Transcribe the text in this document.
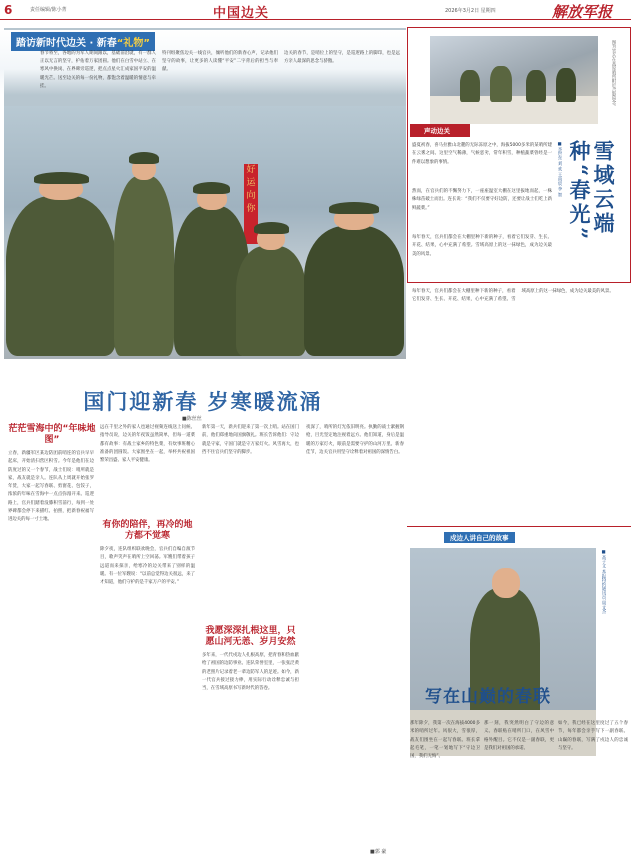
6	责任编辑/陈小菁	中国边关	2026年3月2日 星期四	解放军报
好运向你
踏访新时代边关 · 新春“礼物”
春节将至，各地的为军人期间跟以，基础前沿就，有一群人正以无言的坚守，护佑着万家团圆。他们在白雪中站立、在寒风中换岗、在界碑旁巡逻，把点点星火汇成家国平安的温暖光芒。送至边关的每一份礼物，都饱含着温暖的情意与牵挂。
特刊组聚焦边关一线官兵，倾听他们的新春心声，记录他们坚守的故事，让更多的人读懂“平安”二字背后的担当与奉献。
边关的春节，是哨位上的坚守，是巡逻路上的脚印，也是远方亲人最深的思念与骄傲。
国门迎新春 岁寒暖流涌
■陈丝丝
茫茫雪海中的“年味地图”
立春，新疆军区某边防团前哨连的官兵早早起床，开始清扫营区积雪。今年是他们在边防度过的又一个春节，战士们说：哨所就是家，战友就是亲人。连队从上周就开始张罗年货，大家一起写春联、剪窗花、包饺子，浓浓的年味在雪海中一点点弥漫开来。巡逻路上，官兵们踏着没膝积雪前行，每到一处界碑都会停下来描红、拍照，把新春祝福写进边关的每一寸土地。
远在千里之外的家人也通过视频连线送上问候。指导员说，边关的年夜饭虽然简单，但每一道菜都有故事：有战士家乡的特色菜，有炊事班精心准备的团圆饭。大家围坐在一起，举杯共祝祖国繁荣昌盛、家人平安健康。
有你的陪伴，再冷的地方都不觉寒
除夕夜，连队组织联欢晚会，官兵们自编自演节目，歌声笑声在哨所上空回荡。军嫂们带着孩子远道而来探亲，给寒冷的边关带来了别样的温暖。有一位军嫂说：“以前总觉得边关很远，来了才知道，他们守护的是千家万户的平安。”
新年第一天，新兵们迎来了第一次上哨。站在国门前，他们郑重地向国旗敬礼。班长告诉他们：守边就是守家，守国门就是守万家灯火。风雪再大，也挡不住官兵们坚守的脚步。
我愿深深扎根这里，只愿山河无恙、岁月安然
多年来，一代代戍边人扎根高原，把青春和热血献给了祖国的边防事业。连队荣誉室里，一张张泛黄的老照片记录着老一辈边防军人的足迹。如今，新一代官兵接过接力棒，用实际行动诠释忠诚与担当，在雪域高原书写新时代的答卷。
夜深了，哨所的灯光依旧明亮。执勤的战士紧握钢枪，目光坚定地注视着远方。他们知道，身后是温暖的万家灯火，眼前是需要守护的山河万里。新春佳节，边关官兵用坚守诠释着对祖国的深情告白。
■郭 豪
图为官兵在高原哨所附近合影留念。
声动边关
盛夏初春，喜马拉雅山北麓的无际冻原之中，海拔5000多米的某哨所建在云雾之间。这里空气稀薄，气候恶劣，常年积雪，种植蔬菜曾经是一件难以想象的事情。
然而，在官兵们的不懈努力下，一座座温室大棚在这里拔地而起，一株株绿苗破土而出。连长说：“我们不仅要守好边防，还要让战士们吃上新鲜蔬菜。”
每年春天，官兵们都会在大棚里种下新的种子，看着它们发芽、生长、开花、结果，心中充满了希望。雪域高原上的这一抹绿色，成为边关最美的风景。
■李世东 刘 欢 王雨宸 李 智	雪域云端种“春光”
每年春天，官兵们都会在大棚里种下新的种子，看着它们发芽、生长、开花、结果，心中充满了希望。雪域高原上的这一抹绿色，成为边关最美的风景。
戍边人讲自己的故事
■高子文 本报特约通讯员 周文杰
写在山巅的春联
那年除夕，我第一次在海拔4000多米的哨所过年。风很大，雪很厚，战友们围坐在一起写春联。班长拿起毛笔，一笔一划地写下“守边卫国，我们无悔”。
那一刻，我突然明白了守边的意义。春联贴在哨所门口，在风雪中格外醒目。它不仅是一副春联，更是我们对祖国的承诺。
如今，我已经在这里度过了五个春节，每年都会亲手写下一副春联。山巅的春联，写满了戍边人的忠诚与坚守。
